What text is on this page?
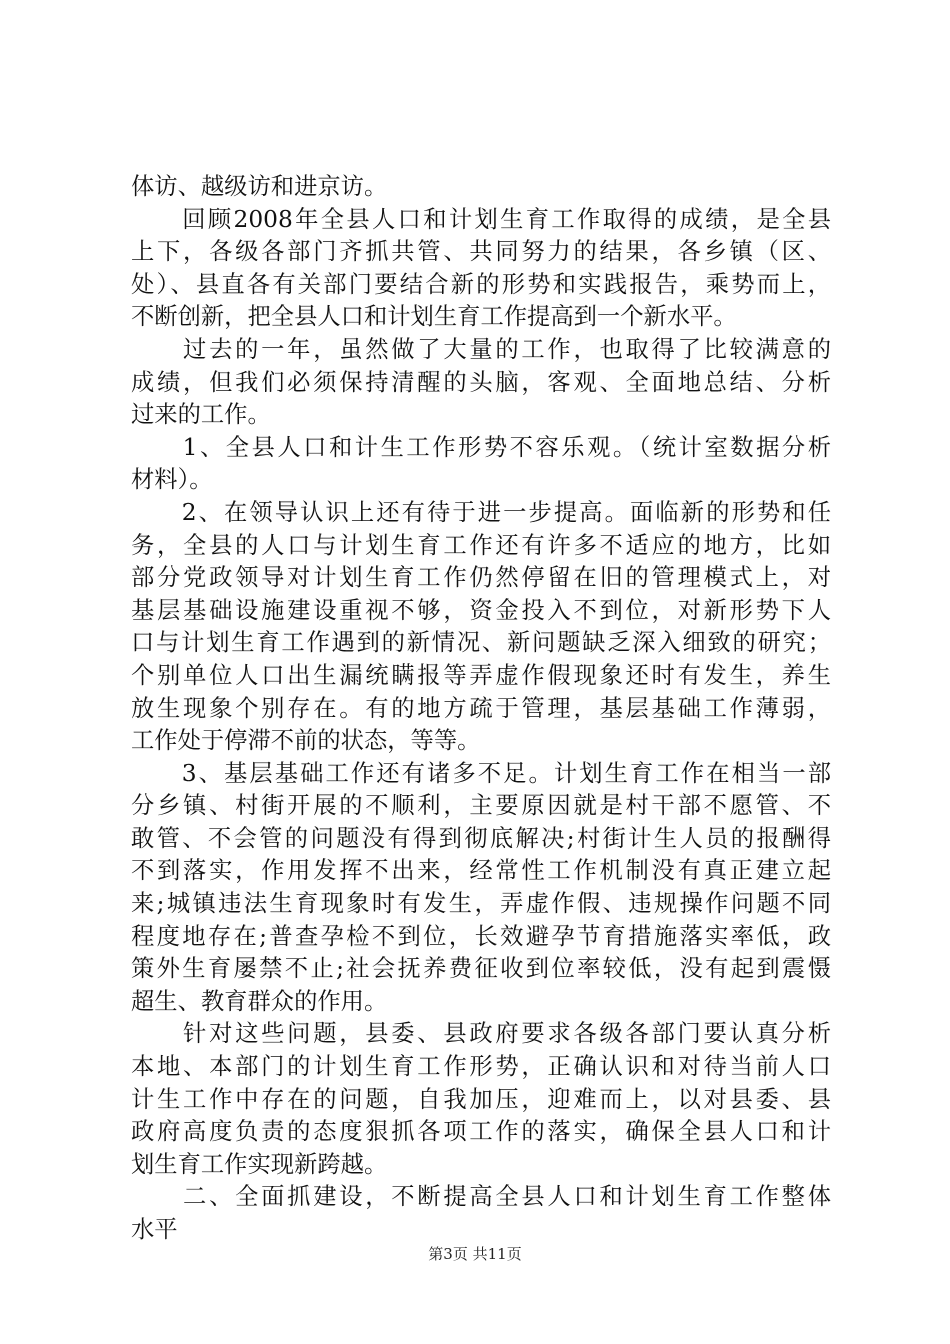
体访、越级访和进京访。
　　回顾2008年全县人口和计划生育工作取得的成绩，是全县
上下，各级各部门齐抓共管、共同努力的结果，各乡镇（区、
处）、县直各有关部门要结合新的形势和实践报告，乘势而上，
不断创新，把全县人口和计划生育工作提高到一个新水平。
　　过去的一年，虽然做了大量的工作，也取得了比较满意的
成绩，但我们必须保持清醒的头脑，客观、全面地总结、分析
过来的工作。
　　1、全县人口和计生工作形势不容乐观。（统计室数据分析
材料）。
　　2、在领导认识上还有待于进一步提高。面临新的形势和任
务，全县的人口与计划生育工作还有许多不适应的地方，比如
部分党政领导对计划生育工作仍然停留在旧的管理模式上，对
基层基础设施建设重视不够，资金投入不到位，对新形势下人
口与计划生育工作遇到的新情况、新问题缺乏深入细致的研究；
个别单位人口出生漏统瞒报等弄虚作假现象还时有发生，养生
放生现象个别存在。有的地方疏于管理，基层基础工作薄弱，
工作处于停滞不前的状态，等等。
　　3、基层基础工作还有诸多不足。计划生育工作在相当一部
分乡镇、村街开展的不顺利，主要原因就是村干部不愿管、不
敢管、不会管的问题没有得到彻底解决;村街计生人员的报酬得
不到落实，作用发挥不出来，经常性工作机制没有真正建立起
来;城镇违法生育现象时有发生，弄虚作假、违规操作问题不同
程度地存在;普查孕检不到位，长效避孕节育措施落实率低，政
策外生育屡禁不止;社会抚养费征收到位率较低，没有起到震慑
超生、教育群众的作用。
　　针对这些问题，县委、县政府要求各级各部门要认真分析
本地、本部门的计划生育工作形势，正确认识和对待当前人口
计生工作中存在的问题，自我加压，迎难而上，以对县委、县
政府高度负责的态度狠抓各项工作的落实，确保全县人口和计
划生育工作实现新跨越。
　　二、全面抓建设，不断提高全县人口和计划生育工作整体
水平
第3页 共11页
